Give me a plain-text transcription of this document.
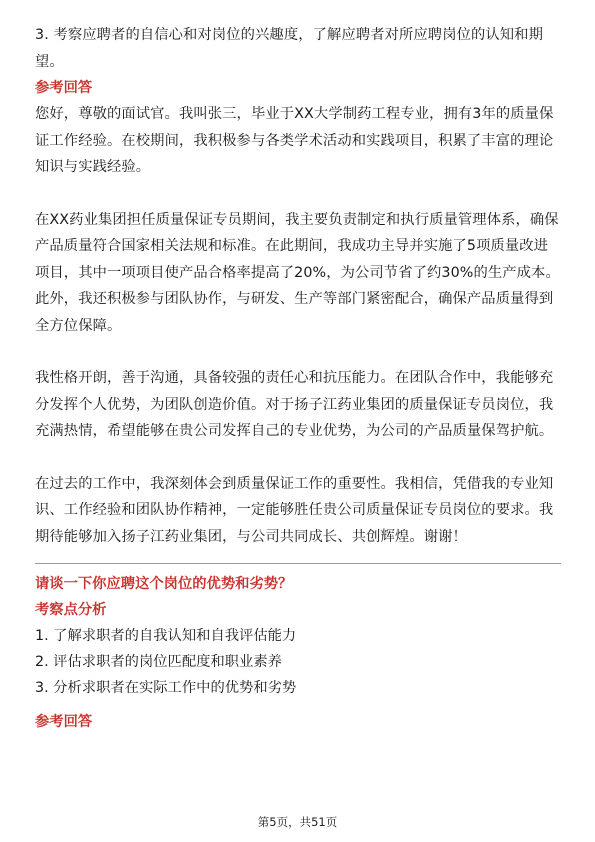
3. 考察应聘者的自信心和对岗位的兴趣度，了解应聘者对所应聘岗位的认知和期望。

参考回答

您好，尊敬的面试官。我叫张三，毕业于XX大学制药工程专业，拥有3年的质量保证工作经验。在校期间，我积极参与各类学术活动和实践项目，积累了丰富的理论知识与实践经验。

在XX药业集团担任质量保证专员期间，我主要负责制定和执行质量管理体系，确保产品质量符合国家相关法规和标准。在此期间，我成功主导并实施了5项质量改进项目，其中一项项目使产品合格率提高了20%，为公司节省了约30%的生产成本。此外，我还积极参与团队协作，与研发、生产等部门紧密配合，确保产品质量得到全方位保障。

我性格开朗，善于沟通，具备较强的责任心和抗压能力。在团队合作中，我能够充分发挥个人优势，为团队创造价值。对于扬子江药业集团的质量保证专员岗位，我充满热情，希望能够在贵公司发挥自己的专业优势，为公司的产品质量保驾护航。

在过去的工作中，我深刻体会到质量保证工作的重要性。我相信，凭借我的专业知识、工作经验和团队协作精神，一定能够胜任贵公司质量保证专员岗位的要求。我期待能够加入扬子江药业集团，与公司共同成长、共创辉煌。谢谢！

请谈一下你应聘这个岗位的优势和劣势？

考察点分析

1. 了解求职者的自我认知和自我评估能力

2. 评估求职者的岗位匹配度和职业素养

3. 分析求职者在实际工作中的优势和劣势

参考回答

第5页，共51页
